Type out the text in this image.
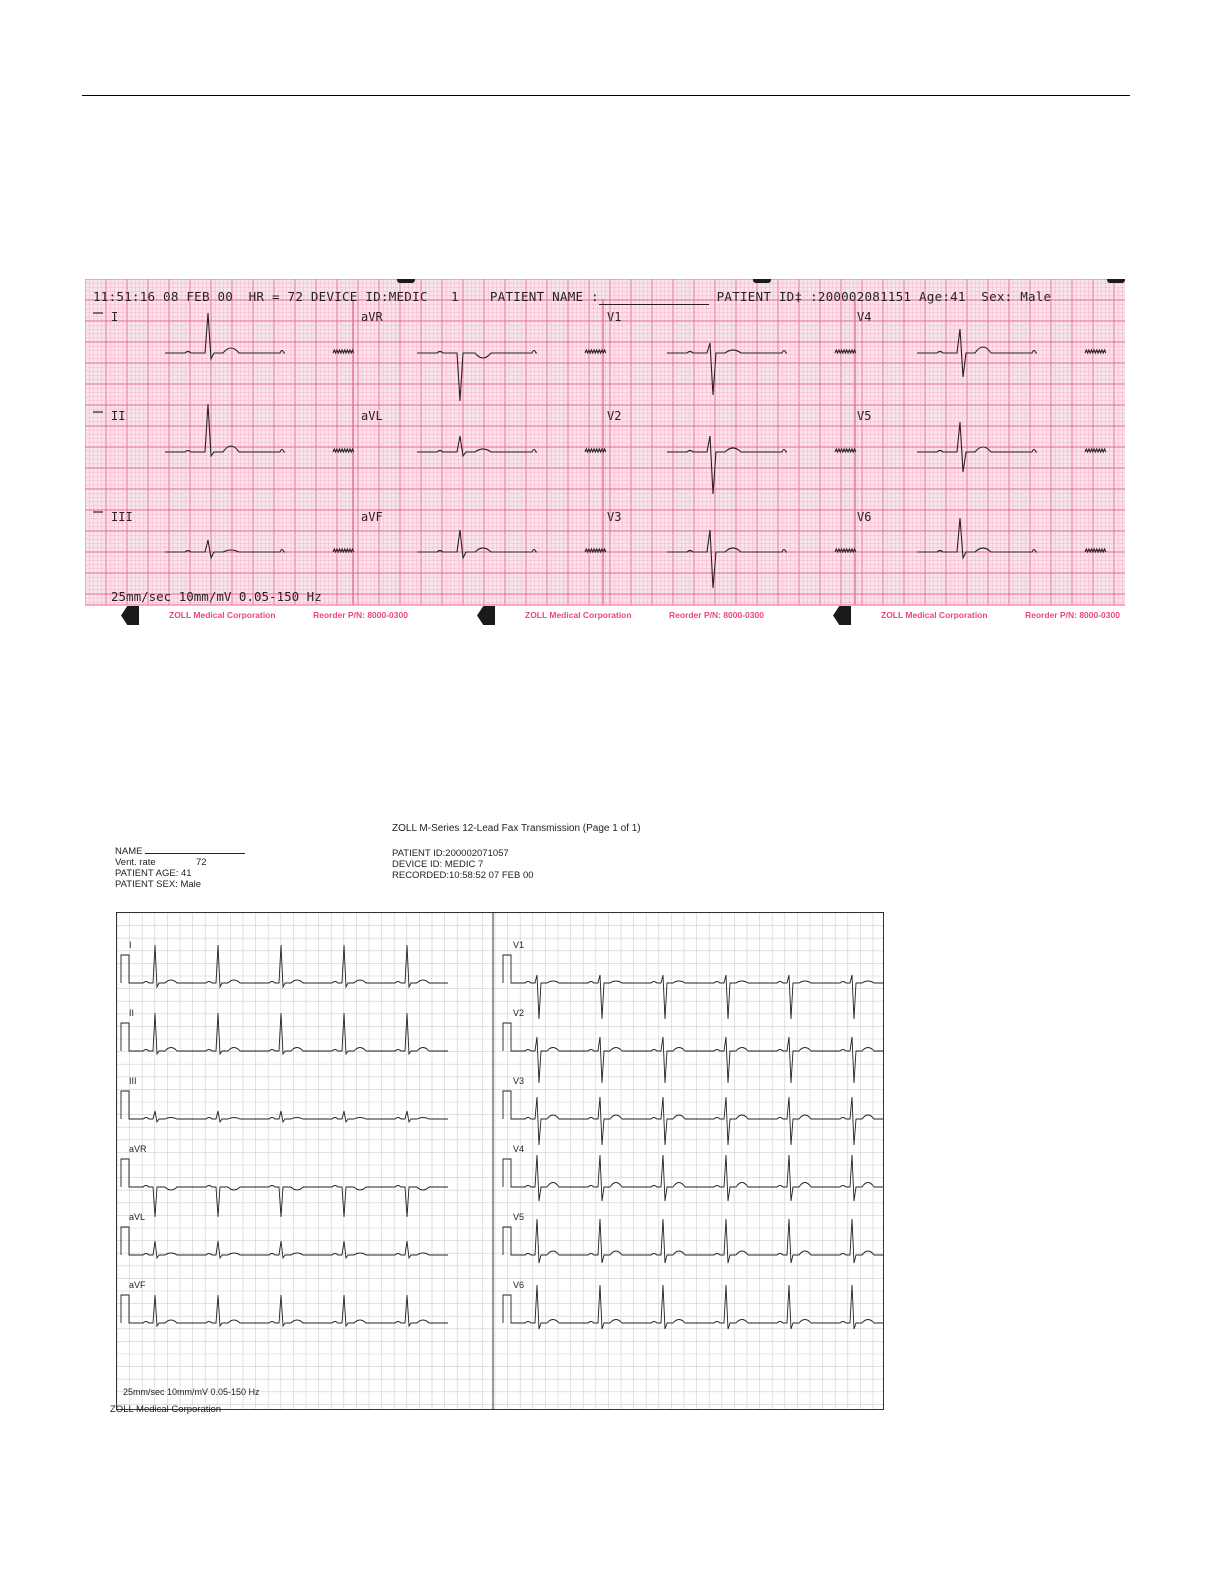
11:51:16 08 FEB 00  HR = 72 DEVICE ID:MEDIC   1    PATIENT NAME :	PATIENT ID‡ :200002081151 Age:41 Sex: Male
I	aVR	V1	V4
II	aVL	V2	V5
III	aVF	V3	V6
25mm/sec 10mm/mV 0.05-150 Hz
ZOLL Medical Corporation	Reorder P/N: 8000-0300	ZOLL Medical Corporation	Reorder P/N: 8000-0300	ZOLL Medical Corporation	Reorder P/N: 8000-0300
ZOLL M-Series 12-Lead Fax Transmission (Page 1 of 1)
NAME
Vent. rate	72
PATIENT AGE: 41
PATIENT SEX: Male
PATIENT ID:200002071057
DEVICE ID: MEDIC 7
RECORDED:10:58:52 07 FEB 00
I
II
III
aVR
aVL
aVF
V1
V2
V3
V4
V5
V6
25mm/sec 10mm/mV 0.05-150 Hz
ZOLL Medical Corporation
